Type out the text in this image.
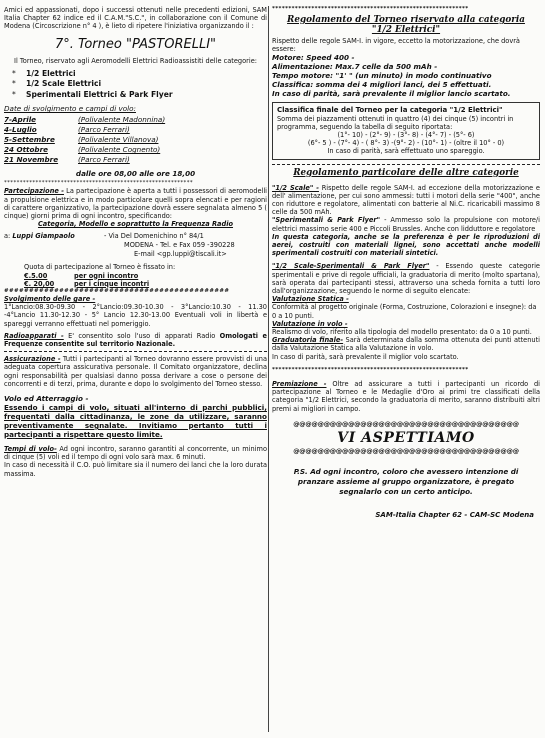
Amici ed appassionati, dopo i successi ottenuti nelle precedenti edizioni, SAM Italia Chapter 62 indice ed il C.A.M."S.C.", in collaborazione con il Comune di Modena (Circoscrizione n° 4 ), è lieto di ripetere l'iniziativa organizzando il :

7°. Torneo "PASTORELLI"

Il Torneo, riservato agli Aeromodelli Elettrici Radioassistiti delle categorie:

* 1/2 Elettrici
* 1/2 Scale Elettrici
* Sperimentali Elettrici & Park Flyer
Date di svolgimento e campi di volo:
7-Aprile	(Polivalente Madonnina)
4-Luglio	(Parco Ferrari)
5-Settembre	(Polivalente Villanova)
24 Ottobre	(Polivalente Cognento)
21 Novembre	(Parco Ferrari)
dalle ore 08,00 alle ore 18,00
************************************************************

Partecipazione - La partecipazione è aperta a tutti i possessori di aeromodelli a propulsione elettrica e in modo particolare quelli sopra elencati e per ragioni di carattere organizzativo, la partecipazione dovrà essere segnalata almeno 5 ( cinque) giorni prima di ogni incontro, specificando:

Categoria, Modello e soprattutto la Frequenza Radio
a: Luppi Giampaolo	- Via Del Domenichino n° 84/1
MODENA - Tel. e Fax 059 -390228
E-mail <gp.luppi@tiscali.it>
Quota di partecipazione al Torneo è fissato in:
€.5.00	per ogni incontro
€. 20,00	per i cinque incontri
#############################################
Svolgimento delle gare -

1°Lancio:08.30-09.30 - 2°Lancio:09.30-10.30 - 3°Lancio:10.30 - 11.30 -4°Lancio 11.30-12.30 - 5° Lancio 12.30-13.00 Eventuali voli in libertà e spareggi verranno effettuati nel pomeriggio.

Radioapparati - E' consentito solo l'uso di apparati Radio Omologati e Frequenze consentite sul territorio Nazionale.

Assicurazione - Tutti i partecipanti al Torneo dovranno essere provvisti di una adeguata copertura assicurativa personale. Il Comitato organizzatore, declina ogni responsabilità per qualsiasi danno possa derivare a cose o persone dei concorrenti e di terzi, prima, durante e dopo lo svolgimento del Torneo stesso.

Volo ed Atterraggio -

Essendo i campi di volo, situati all'interno di parchi pubblici, frequentati dalla cittadinanza, le zone da utilizzare, saranno preventivamente segnalate. Invitiamo pertanto tutti i partecipanti a rispettare questo limite.

Tempi di volo- Ad ogni incontro, saranno garantiti al concorrente, un minimo di cinque (5) voli ed il tempo di ogni volo sarà max. 6 minuti.

In caso di necessità il C.O. può limitare sia il numero dei lanci che la loro durata massima.

************************************************************
Regolamento del Torneo riservato alla categoria
"1/2 Elettrici"

Rispetto delle regole SAM-I. in vigore, eccetto la motorizzazione, che dovrà essere:

Motore: Speed 400 -
Alimentazione: Max.7 celle da 500 mAh -
Tempo motore: "1' " (un minuto) in modo continuativo
Classifica: somma dei 4 migliori lanci, dei 5 effettuati.
In caso di parità, sarà prevalente il miglior lancio scartato.
Classifica finale del Torneo per la categoria "1/2 Elettrici"

Somma dei piazzamenti ottenuti in quattro (4) dei cinque (5) incontri in programma, seguendo la tabella di seguito riportata:

(1°- 10) - (2°- 9) - (3°- 8) - (4°- 7) - (5°- 6)
(6°- 5 ) - (7°- 4) - ( 8°- 3) -(9°- 2) - (10°- 1) - (oltre il 10° - 0)
In caso di parità, sarà effettuato uno spareggio.
Regolamento particolare delle altre categorie

"1/2 Scale" - Rispetto delle regole SAM-I. ad eccezione della motorizzazione e dell' alimentazione, per cui sono ammessi: tutti i motori della serie "400", anche con riduttore e regolatore, alimentati con batterie al Ni.C. ricaricabili massimo 8 celle da 500 mAh.

"Sperimentali & Park Flyer" - Ammesso solo la propulsione con motore/i elettrici massimo serie 400 e Piccoli Brussles. Anche con lidduttore e regolatore

In questa categoria, anche se la preferenza è per le riproduzioni di aerei, costruiti con materiali lignei, sono accettati anche modelli sperimentali costruiti con materiali sintetici.

"1/2 Scale-Sperimentali & Park Flyer" - Essendo queste categorie sperimentali e prive di regole ufficiali, la graduatoria di merito (molto spartana), sarà operata dai partecipanti stessi, attraverso una scheda fornita a tutti loro dall'organizzazione, seguendo le norme di seguito elencate:

Valutazione Statica -

Conformità al progetto originale (Forma, Costruzione, Colorazioni e insegne): da 0 a 10 punti.

Valutazione in volo -

Realismo di volo, riferito alla tipologia del modello presentato: da 0 a 10 punti.

Graduatoria finale- Sarà determinata dalla somma ottenuta dei punti attenuti dalla Valutazione Statica alla Valutazione in volo.

In caso di parità, sarà prevalente il miglior volo scartato.

************************************************************

Premiazione - Oltre ad assicurare a tutti i partecipanti un ricordo di partecipazione al Torneo e le Medaglie d'Oro ai primi tre classificati della categoria "1/2 Elettrici, secondo la graduatoria di merito, saranno distribuiti altri premi ai migliori in campo.

@@@@@@@@@@@@@@@@@@@@@@@@@@@@@@@@@@@@@
VI ASPETTIAMO
@@@@@@@@@@@@@@@@@@@@@@@@@@@@@@@@@@@@@

P.S. Ad ogni incontro, coloro che avessero intenzione di pranzare assieme al gruppo organizzatore, è pregato segnalarlo con un certo anticipo.

SAM-Italia Chapter 62 - CAM-SC Modena
